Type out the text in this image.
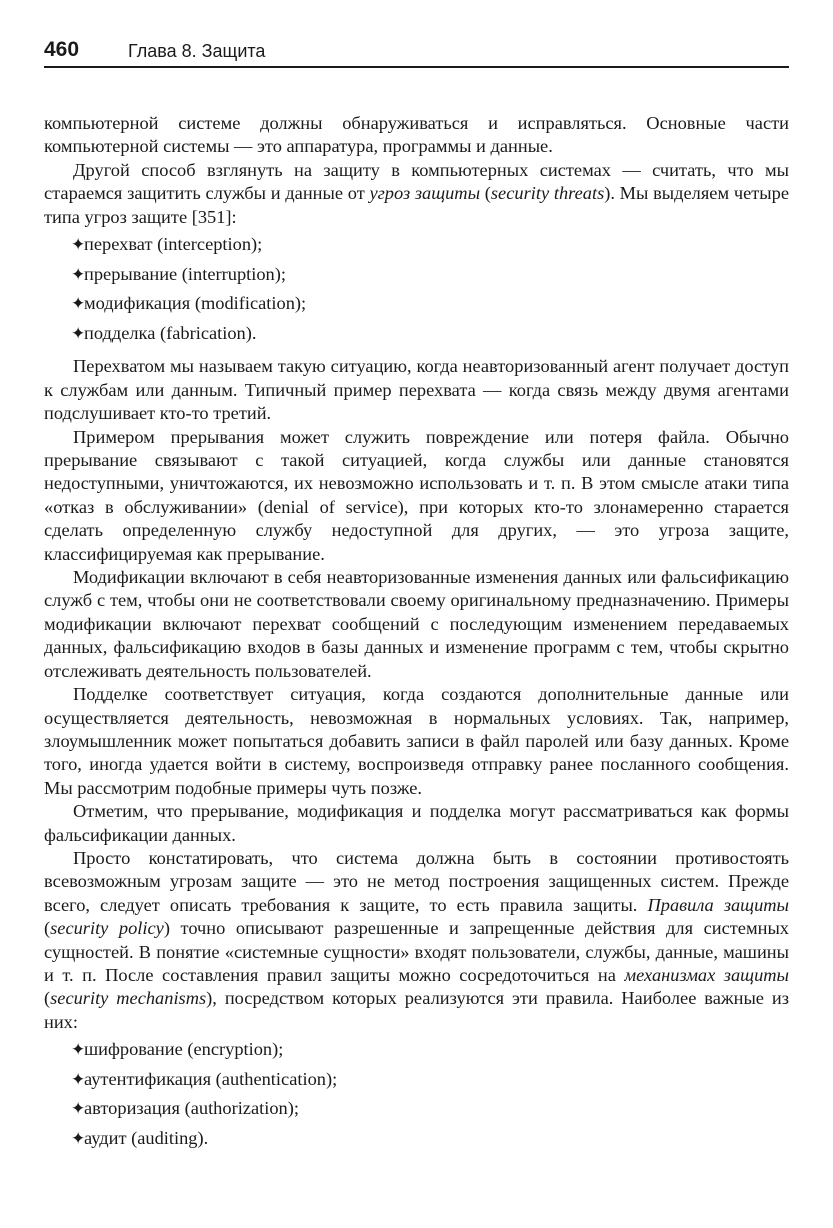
460	Глава 8. Защита

компьютерной системе должны обнаруживаться и исправляться. Основные части компьютерной системы — это аппаратура, программы и данные.

Другой способ взглянуть на защиту в компьютерных системах — считать, что мы стараемся защитить службы и данные от угроз защиты (security threats). Мы выделяем четыре типа угроз защите [351]:

✦
перехват (interception);
✦
прерывание (interruption);
✦
модификация (modification);
✦
подделка (fabrication).

Перехватом мы называем такую ситуацию, когда неавторизованный агент получает доступ к службам или данным. Типичный пример перехвата — когда связь между двумя агентами подслушивает кто-то третий.

Примером прерывания может служить повреждение или потеря файла. Обычно прерывание связывают с такой ситуацией, когда службы или данные становятся недоступными, уничтожаются, их невозможно использовать и т. п. В этом смысле атаки типа «отказ в обслуживании» (denial of service), при которых кто-то злонамеренно старается сделать определенную службу недоступной для других, — это угроза защите, классифицируемая как прерывание.

Модификации включают в себя неавторизованные изменения данных или фальсификацию служб с тем, чтобы они не соответствовали своему оригинальному предназначению. Примеры модификации включают перехват сообщений с последующим изменением передаваемых данных, фальсификацию входов в базы данных и изменение программ с тем, чтобы скрытно отслеживать деятельность пользователей.

Подделке соответствует ситуация, когда создаются дополнительные данные или осуществляется деятельность, невозможная в нормальных условиях. Так, например, злоумышленник может попытаться добавить записи в файл паролей или базу данных. Кроме того, иногда удается войти в систему, воспроизведя отправку ранее посланного сообщения. Мы рассмотрим подобные примеры чуть позже.

Отметим, что прерывание, модификация и подделка могут рассматриваться как формы фальсификации данных.

Просто констатировать, что система должна быть в состоянии противостоять всевозможным угрозам защите — это не метод построения защищенных систем. Прежде всего, следует описать требования к защите, то есть правила защиты. Правила защиты (security policy) точно описывают разрешенные и запрещенные действия для системных сущностей. В понятие «системные сущности» входят пользователи, службы, данные, машины и т. п. После составления правил защиты можно сосредоточиться на механизмах защиты (security mechanisms), посредством которых реализуются эти правила. Наиболее важные из них:

✦
шифрование (encryption);
✦
аутентификация (authentication);
✦
авторизация (authorization);
✦
аудит (auditing).
